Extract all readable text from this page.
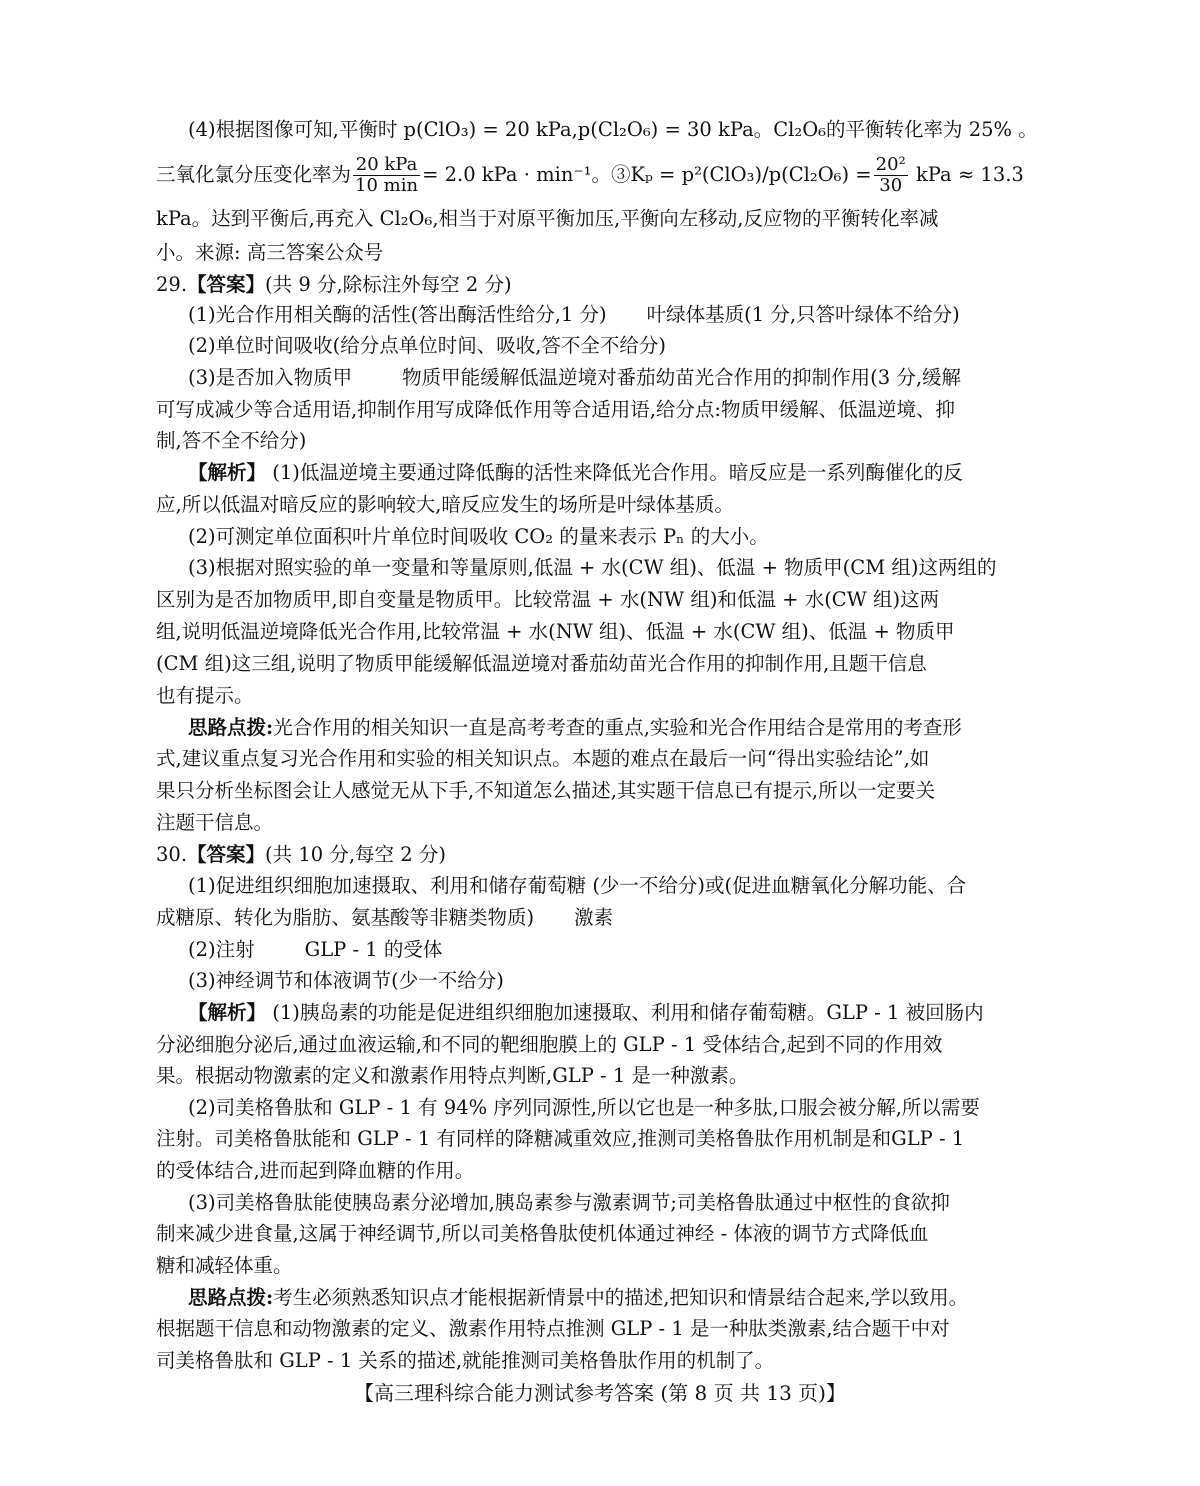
(4)根据图像可知,平衡时 p(ClO₃) = 20 kPa,p(Cl₂O₆) = 30 kPa。Cl₂O₆的平衡转化率为 25% 。
三氧化氯分压变化率为 $\frac{\text{20 kPa}}{10 \min} = 2.0$ kPa · min⁻¹。③Kₚ = $p^2(ClO_3)/p(Cl_2O_6) = \frac{\text{20²}}{30}$ kPa ≈ 13.3
kPa。达到平衡后,再充入 Cl₂O₆,相当于对原平衡加压,平衡向左移动,反应物的平衡转化率减
小。来源: 高三答案公众号
29.【答案】(共 9 分,除标注外每空 2 分)
(1)光合作用相关酶的活性(答出酶活性给分,1 分) 叶绿体基质(1 分,只答叶绿体不给分)
(2)单位时间吸收(给分点单位时间、吸收,答不全不给分)
(3)是否加入物质甲	物质甲能缓解低温逆境对番茄幼苗光合作用的抑制作用(3 分,缓解
可写成减少等合适用语,抑制作用写成降低作用等合适用语,给分点:物质甲缓解、低温逆境、抑
制,答不全不给分)
【解析】 (1)低温逆境主要通过降低酶的活性来降低光合作用。暗反应是一系列酶催化的反
应,所以低温对暗反应的影响较大,暗反应发生的场所是叶绿体基质。
(2)可测定单位面积叶片单位时间吸收 CO₂ 的量来表示 Pₙ 的大小。
(3)根据对照实验的单一变量和等量原则,低温 + 水(CW 组)、低温 + 物质甲(CM 组)这两组的
区别为是否加物质甲,即自变量是物质甲。比较常温 + 水(NW 组)和低温 + 水(CW 组)这两
组,说明低温逆境降低光合作用,比较常温 + 水(NW 组)、低温 + 水(CW 组)、低温 + 物质甲
(CM 组)这三组,说明了物质甲能缓解低温逆境对番茄幼苗光合作用的抑制作用,且题干信息
也有提示。
思路点拨:光合作用的相关知识一直是高考考查的重点,实验和光合作用结合是常用的考查形
式,建议重点复习光合作用和实验的相关知识点。本题的难点在最后一问“得出实验结论”,如
果只分析坐标图会让人感觉无从下手,不知道怎么描述,其实题干信息已有提示,所以一定要关
注题干信息。
30.【答案】(共 10 分,每空 2 分)
(1)促进组织细胞加速摄取、利用和储存葡萄糖 (少一不给分)或(促进血糖氧化分解功能、合
成糖原、转化为脂肪、氨基酸等非糖类物质) 激素
(2)注射	GLP - 1 的受体
(3)神经调节和体液调节(少一不给分)
【解析】 (1)胰岛素的功能是促进组织细胞加速摄取、利用和储存葡萄糖。GLP - 1 被回肠内
分泌细胞分泌后,通过血液运输,和不同的靶细胞膜上的 GLP - 1 受体结合,起到不同的作用效
果。根据动物激素的定义和激素作用特点判断,GLP - 1 是一种激素。
(2)司美格鲁肽和 GLP - 1 有 94% 序列同源性,所以它也是一种多肽,口服会被分解,所以需要
注射。司美格鲁肽能和 GLP - 1 有同样的降糖减重效应,推测司美格鲁肽作用机制是和GLP - 1
的受体结合,进而起到降血糖的作用。
(3)司美格鲁肽能使胰岛素分泌增加,胰岛素参与激素调节;司美格鲁肽通过中枢性的食欲抑
制来减少进食量,这属于神经调节,所以司美格鲁肽使机体通过神经 - 体液的调节方式降低血
糖和减轻体重。
思路点拨:考生必须熟悉知识点才能根据新情景中的描述,把知识和情景结合起来,学以致用。
根据题干信息和动物激素的定义、激素作用特点推测 GLP - 1 是一种肽类激素,结合题干中对
司美格鲁肽和 GLP - 1 关系的描述,就能推测司美格鲁肽作用的机制了。
【高三理科综合能力测试参考答案 (第 8 页 共 13 页)】
